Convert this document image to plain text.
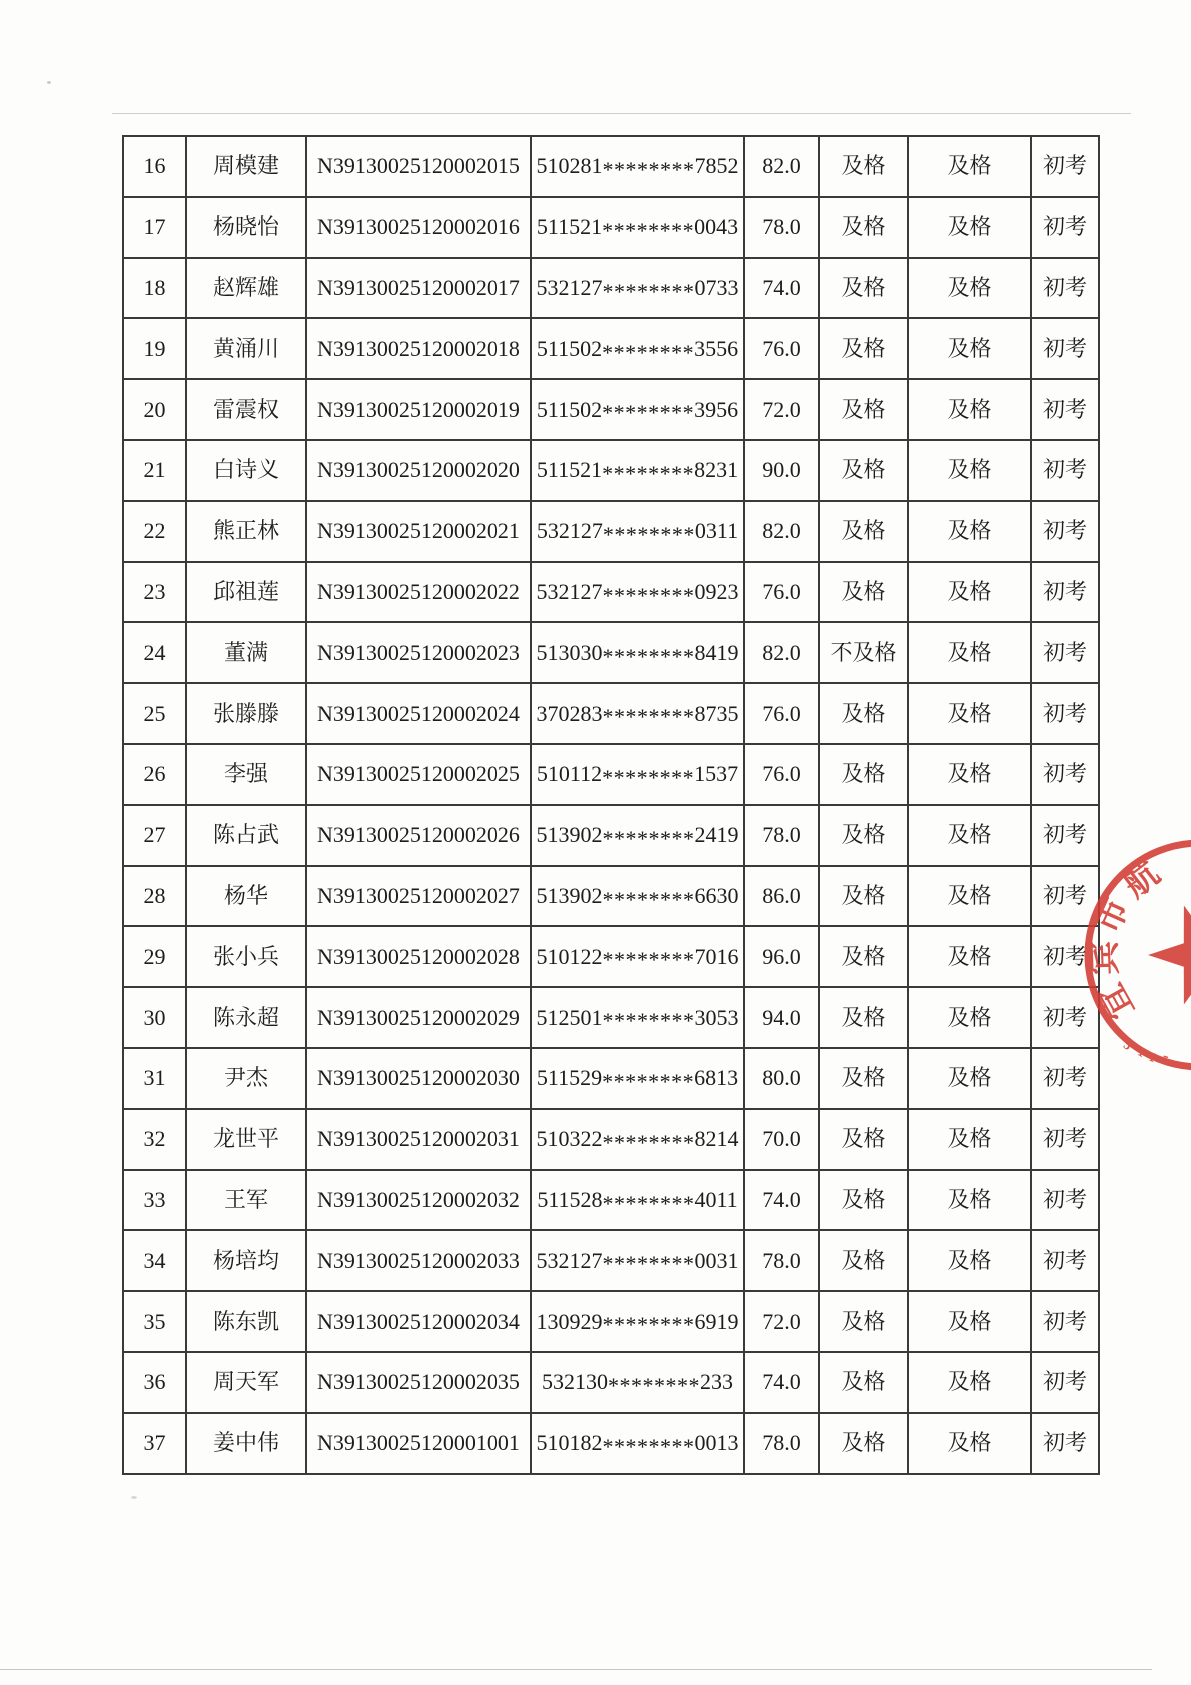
16	周模建	N39130025120002015	510281********7852	82.0	及格	及格	初考
17	杨晓怡	N39130025120002016	511521********0043	78.0	及格	及格	初考
18	赵辉雄	N39130025120002017	532127********0733	74.0	及格	及格	初考
19	黄涌川	N39130025120002018	511502********3556	76.0	及格	及格	初考
20	雷震权	N39130025120002019	511502********3956	72.0	及格	及格	初考
21	白诗义	N39130025120002020	511521********8231	90.0	及格	及格	初考
22	熊正林	N39130025120002021	532127********0311	82.0	及格	及格	初考
23	邱祖莲	N39130025120002022	532127********0923	76.0	及格	及格	初考
24	董满	N39130025120002023	513030********8419	82.0	不及格	及格	初考
25	张滕滕	N39130025120002024	370283********8735	76.0	及格	及格	初考
26	李强	N39130025120002025	510112********1537	76.0	及格	及格	初考
27	陈占武	N39130025120002026	513902********2419	78.0	及格	及格	初考
28	杨华	N39130025120002027	513902********6630	86.0	及格	及格	初考
29	张小兵	N39130025120002028	510122********7016	96.0	及格	及格	初考
30	陈永超	N39130025120002029	512501********3053	94.0	及格	及格	初考
31	尹杰	N39130025120002030	511529********6813	80.0	及格	及格	初考
32	龙世平	N39130025120002031	510322********8214	70.0	及格	及格	初考
33	王军	N39130025120002032	511528********4011	74.0	及格	及格	初考
34	杨培均	N39130025120002033	532127********0031	78.0	及格	及格	初考
35	陈东凯	N39130025120002034	130929********6919	72.0	及格	及格	初考
36	周天军	N39130025120002035	532130********233	74.0	及格	及格	初考
37	姜中伟	N39130025120001001	510182********0013	78.0	及格	及格	初考
宜
宾
市
航
5 1
1 5
